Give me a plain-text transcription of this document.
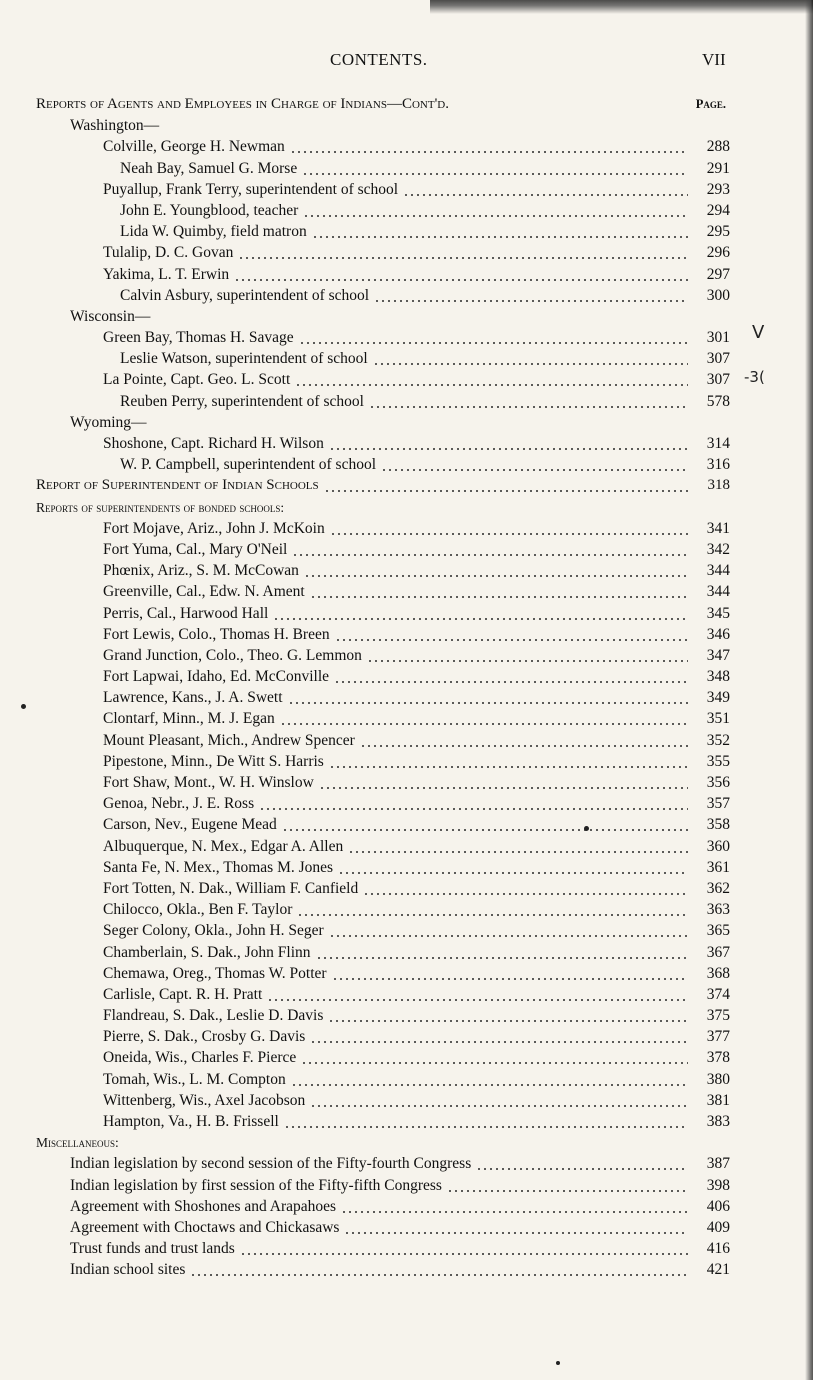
CONTENTS.	VII
Reports of Agents and Employees in Charge of Indians—Cont'd.	Page.
Washington—
Colville, George H. Newman	288
Neah Bay, Samuel G. Morse	291
Puyallup, Frank Terry, superintendent of school	293
John E. Youngblood, teacher	294
Lida W. Quimby, field matron	295
Tulalip, D. C. Govan	296
Yakima, L. T. Erwin	297
Calvin Asbury, superintendent of school	300
Wisconsin—
Green Bay, Thomas H. Savage	301
Leslie Watson, superintendent of school	307
La Pointe, Capt. Geo. L. Scott	307
Reuben Perry, superintendent of school	578
Wyoming—
Shoshone, Capt. Richard H. Wilson	314
W. P. Campbell, superintendent of school	316
Report of Superintendent of Indian Schools	318
Reports of superintendents of bonded schools:
Fort Mojave, Ariz., John J. McKoin	341
Fort Yuma, Cal., Mary O'Neil	342
Phœnix, Ariz., S. M. McCowan	344
Greenville, Cal., Edw. N. Ament	344
Perris, Cal., Harwood Hall	345
Fort Lewis, Colo., Thomas H. Breen	346
Grand Junction, Colo., Theo. G. Lemmon	347
Fort Lapwai, Idaho, Ed. McConville	348
Lawrence, Kans., J. A. Swett	349
Clontarf, Minn., M. J. Egan	351
Mount Pleasant, Mich., Andrew Spencer	352
Pipestone, Minn., De Witt S. Harris	355
Fort Shaw, Mont., W. H. Winslow	356
Genoa, Nebr., J. E. Ross	357
Carson, Nev., Eugene Mead	358
Albuquerque, N. Mex., Edgar A. Allen	360
Santa Fe, N. Mex., Thomas M. Jones	361
Fort Totten, N. Dak., William F. Canfield	362
Chilocco, Okla., Ben F. Taylor	363
Seger Colony, Okla., John H. Seger	365
Chamberlain, S. Dak., John Flinn	367
Chemawa, Oreg., Thomas W. Potter	368
Carlisle, Capt. R. H. Pratt	374
Flandreau, S. Dak., Leslie D. Davis	375
Pierre, S. Dak., Crosby G. Davis	377
Oneida, Wis., Charles F. Pierce	378
Tomah, Wis., L. M. Compton	380
Wittenberg, Wis., Axel Jacobson	381
Hampton, Va., H. B. Frissell	383
Miscellaneous:
Indian legislation by second session of the Fifty-fourth Congress	387
Indian legislation by first session of the Fifty-fifth Congress	398
Agreement with Shoshones and Arapahoes	406
Agreement with Choctaws and Chickasaws	409
Trust funds and trust lands	416
Indian school sites	421
V
-3(
